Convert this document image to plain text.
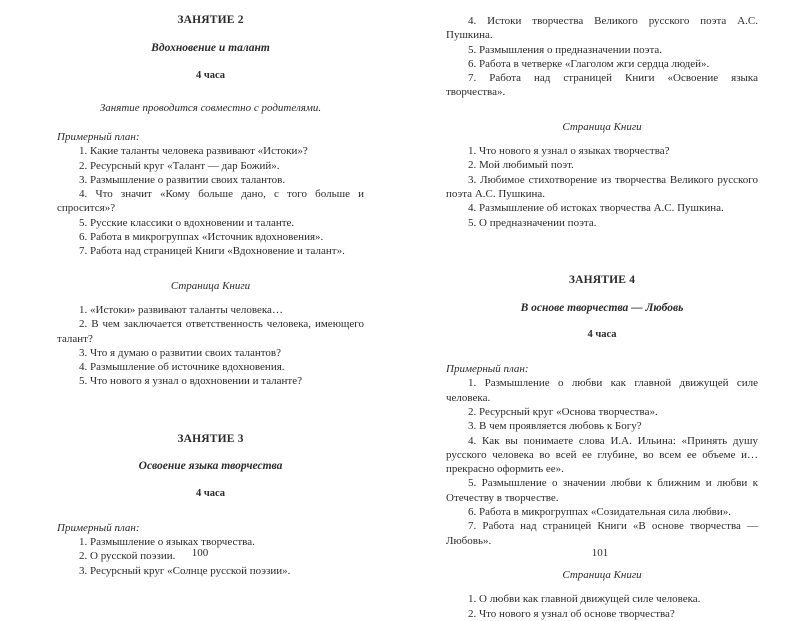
ЗАНЯТИЕ 2
Вдохновение и талант
4 часа

Занятие проводится совместно с родителями.

Примерный план:

1. Какие таланты человека развивают «Истоки»?
2. Ресурсный круг «Талант — дар Божий».
3. Размышление о развитии своих талантов.
4. Что значит «Кому больше дано, с того больше и спросится»?
5. Русские классики о вдохновении и таланте.
6. Работа в микрогруппах «Источник вдохновения».
7. Работа над страницей Книги «Вдохновение и талант».

Страница Книги

1. «Истоки» развивают таланты человека…
2. В чем заключается ответственность человека, имеющего талант?
3. Что я думаю о развитии своих талантов?
4. Размышление об источнике вдохновения.
5. Что нового я узнал о вдохновении и таланте?
ЗАНЯТИЕ 3
Освоение языка творчества
4 часа

Примерный план:

1. Размышление о языках творчества.
2. О русской поэзии.
3. Ресурсный круг «Солнце русской поэзии».
100
4. Истоки творчества Великого русского поэта А.С. Пушкина.
5. Размышления о предназначении поэта.
6. Работа в четверке «Глаголом жги сердца людей».
7. Работа над страницей Книги «Освоение языка творчества».

Страница Книги

1. Что нового я узнал о языках творчества?
2. Мой любимый поэт.
3. Любимое стихотворение из творчества Великого русского поэта А.С. Пушкина.
4. Размышление об истоках творчества А.С. Пушкина.
5. О предназначении поэта.
ЗАНЯТИЕ 4
В основе творчества — Любовь
4 часа

Примерный план:

1. Размышление о любви как главной движущей силе человека.
2. Ресурсный круг «Основа творчества».
3. В чем проявляется любовь к Богу?
4. Как вы понимаете слова И.А. Ильина: «Принять душу русского человека во всей ее глубине, во всем ее объеме и… прекрасно оформить ее».
5. Размышление о значении любви к ближним и любви к Отечеству в творчестве.
6. Работа в микрогруппах «Созидательная сила любви».
7. Работа над страницей Книги «В основе творчества — Любовь».

Страница Книги

1. О любви как главной движущей силе человека.
2. Что нового я узнал об основе творчества?
101
